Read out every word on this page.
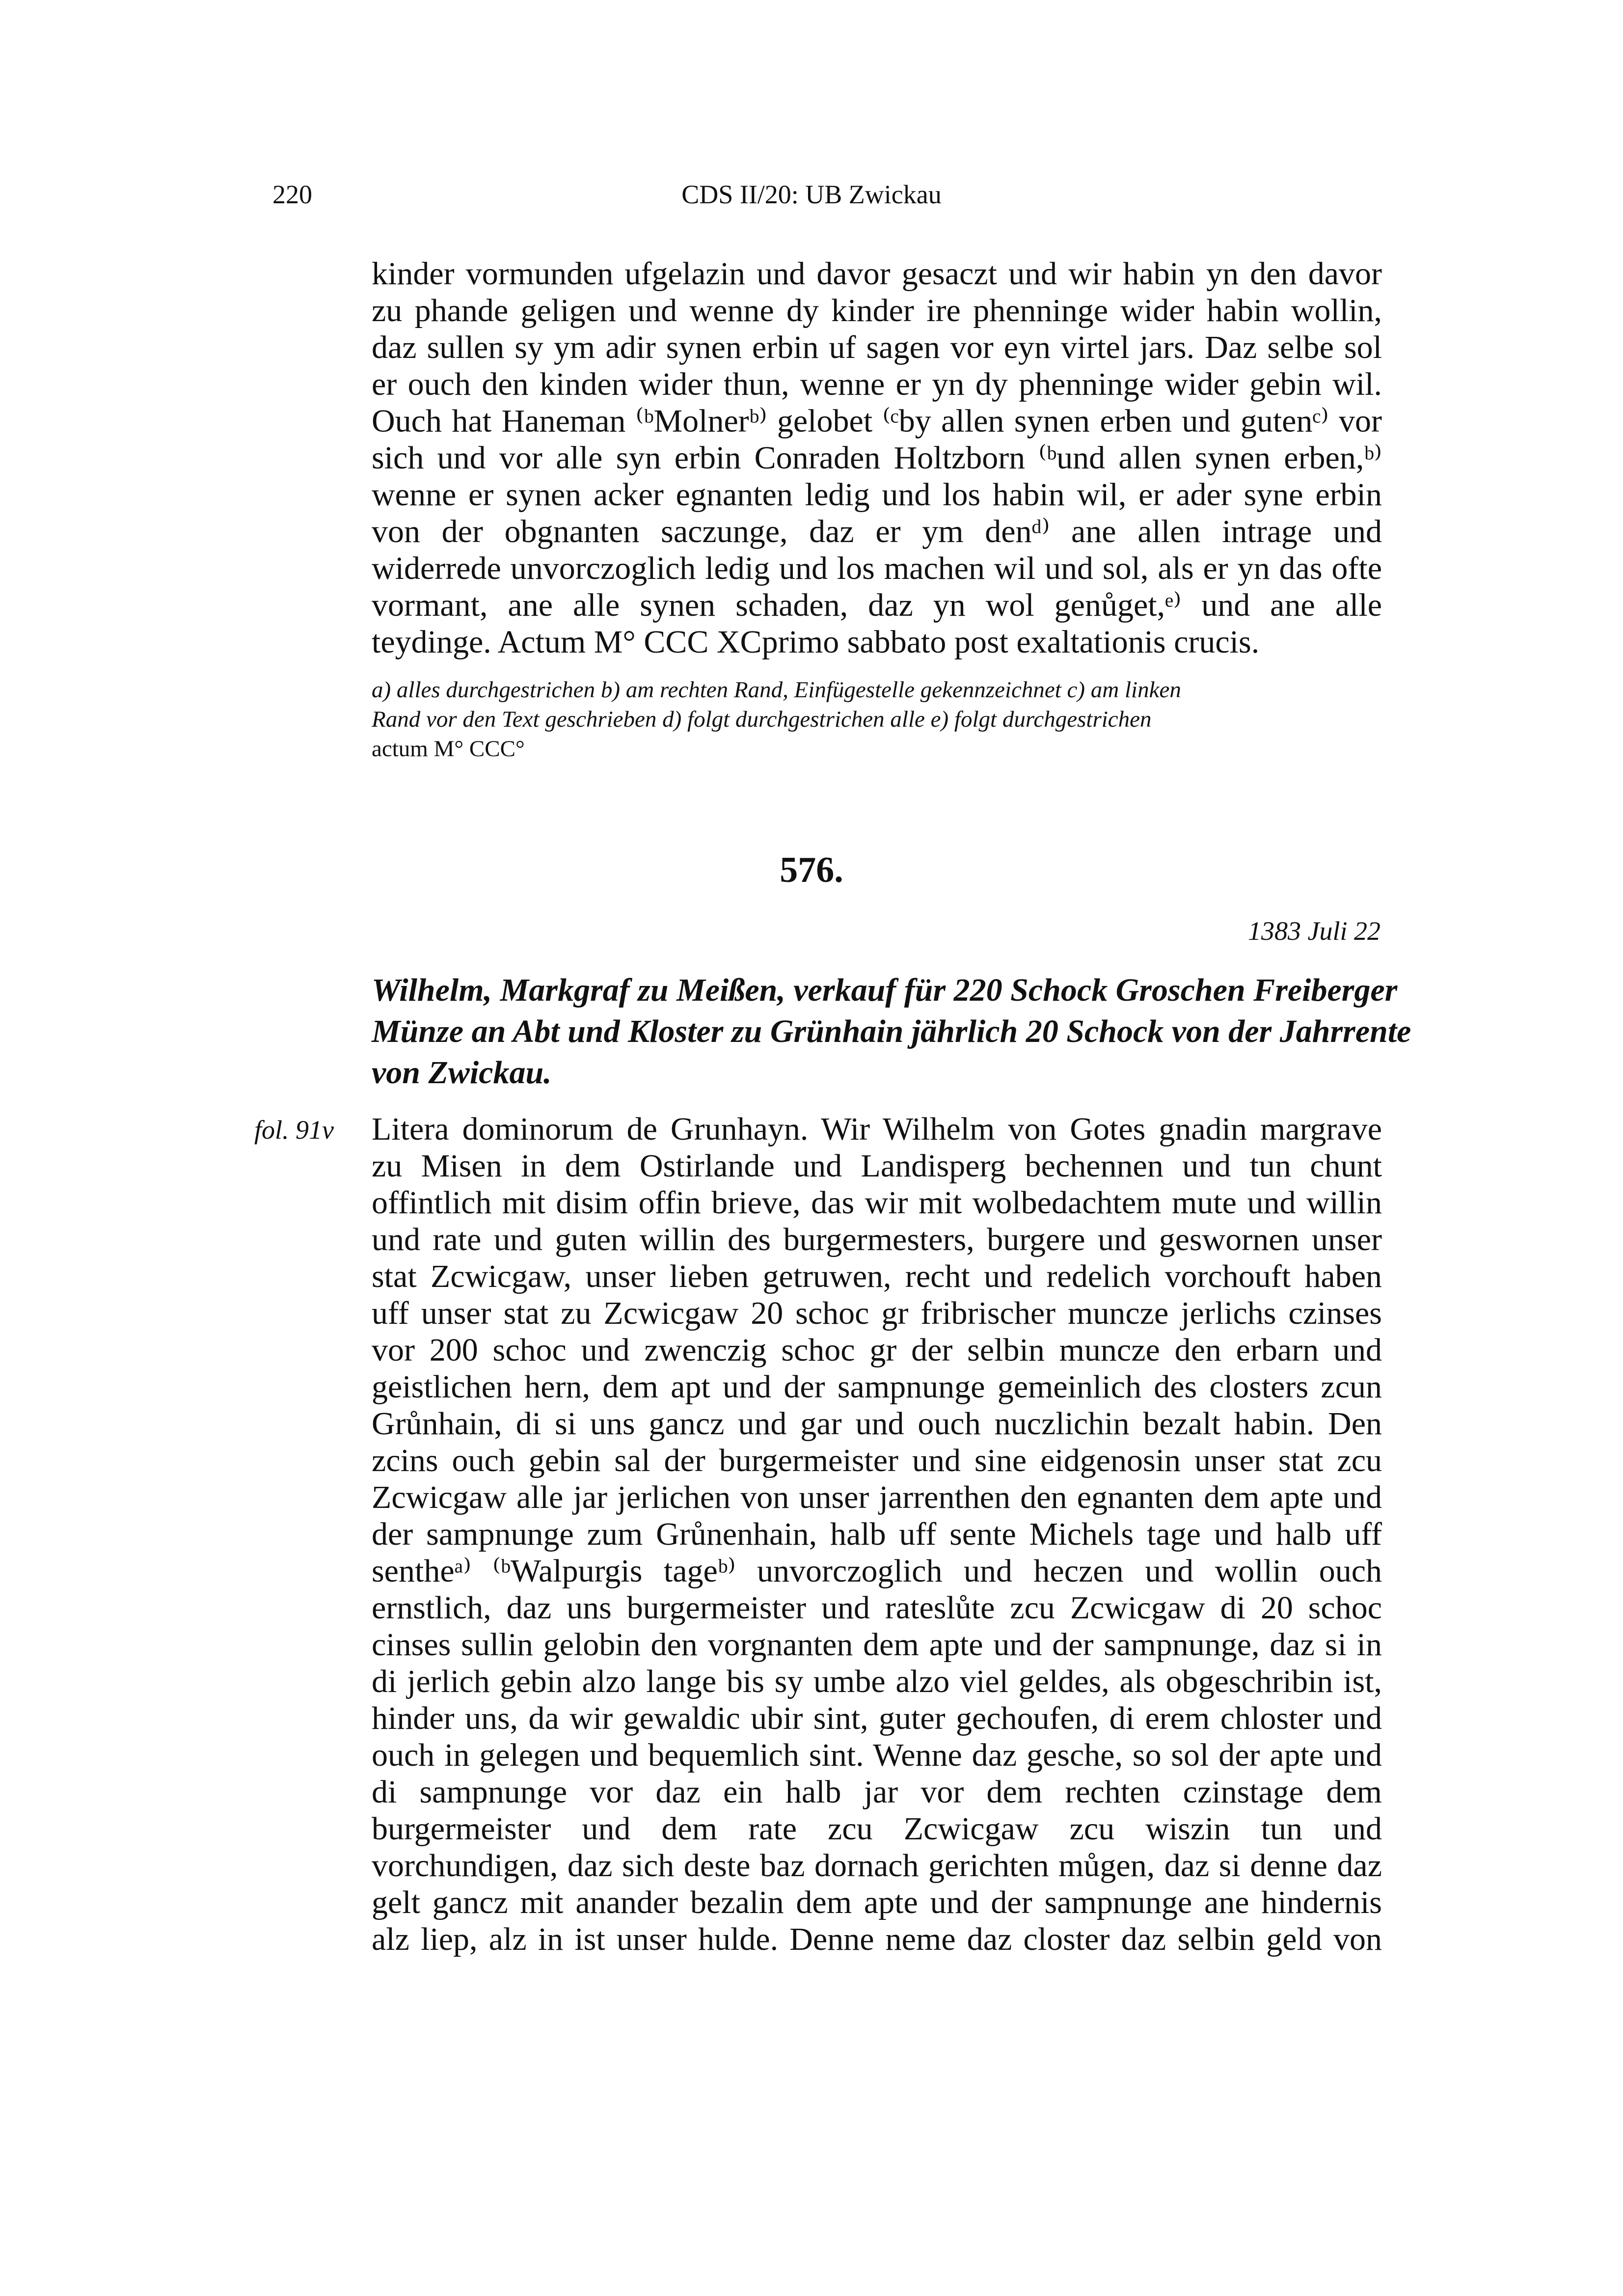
220	CDS II/20: UB Zwickau
kinder vormunden ufgelazin und davor gesaczt und wir habin yn den davor
zu phande geligen und wenne dy kinder ire phenninge wider habin wollin,
daz sullen sy ym adir synen erbin uf sagen vor eyn virtel jars. Daz selbe sol
er ouch den kinden wider thun, wenne er yn dy phenninge wider gebin wil.
Ouch hat Haneman ⁽ᵇMolnerᵇ⁾ gelobet ⁽ᶜby allen synen erben und gutenᶜ⁾ vor
sich und vor alle syn erbin Conraden Holtzborn ⁽ᵇund allen synen erben,ᵇ⁾
wenne er synen acker egnanten ledig und los habin wil, er ader syne erbin
von der obgnanten saczunge, daz er ym denᵈ⁾ ane allen intrage und
widerrede unvorczoglich ledig und los machen wil und sol, als er yn das ofte
vormant, ane alle synen schaden, daz yn wol genůget,ᵉ⁾ und ane alle
teydinge. Actum M° CCC XCprimo sabbato post exaltationis crucis.
a) alles durchgestrichen b) am rechten Rand, Einfügestelle gekennzeichnet c) am linken
Rand vor den Text geschrieben d) folgt durchgestrichen alle e) folgt durchgestrichen
actum M° CCC°
576.
1383 Juli 22
Wilhelm, Markgraf zu Meißen, verkauf für 220 Schock Groschen Freiberger
Münze an Abt und Kloster zu Grünhain jährlich 20 Schock von der Jahrrente
von Zwickau.
fol. 91v Litera dominorum de Grunhayn. Wir Wilhelm von Gotes gnadin margrave
zu Misen in dem Ostirlande und Landisperg bechennen und tun chunt
offintlich mit disim offin brieve, das wir mit wolbedachtem mute und willin
und rate und guten willin des burgermesters, burgere und geswornen unser
stat Zcwicgaw, unser lieben getruwen, recht und redelich vorchouft haben
uff unser stat zu Zcwicgaw 20 schoc gr fribrischer muncze jerlichs czinses
vor 200 schoc und zwenczig schoc gr der selbin muncze den erbarn und
geistlichen hern, dem apt und der sampnunge gemeinlich des closters zcun
Grůnhain, di si uns gancz und gar und ouch nuczlichin bezalt habin. Den
zcins ouch gebin sal der burgermeister und sine eidgenosin unser stat zcu
Zcwicgaw alle jar jerlichen von unser jarrenthen den egnanten dem apte und
der sampnunge zum Grůnenhain, halb uff sente Michels tage und halb uff
sentheᵃ⁾ ⁽ᵇWalpurgis tageᵇ⁾ unvorczoglich und heczen und wollin ouch
ernstlich, daz uns burgermeister und rateslůte zcu Zcwicgaw di 20 schoc
cinses sullin gelobin den vorgnanten dem apte und der sampnunge, daz si in
di jerlich gebin alzo lange bis sy umbe alzo viel geldes, als obgeschribin ist,
hinder uns, da wir gewaldic ubir sint, guter gechoufen, di erem chloster und
ouch in gelegen und bequemlich sint. Wenne daz gesche, so sol der apte und
di sampnunge vor daz ein halb jar vor dem rechten czinstage dem
burgermeister und dem rate zcu Zcwicgaw zcu wiszin tun und
vorchundigen, daz sich deste baz dornach gerichten můgen, daz si denne daz
gelt gancz mit anander bezalin dem apte und der sampnunge ane hindernis
alz liep, alz in ist unser hulde. Denne neme daz closter daz selbin geld von
